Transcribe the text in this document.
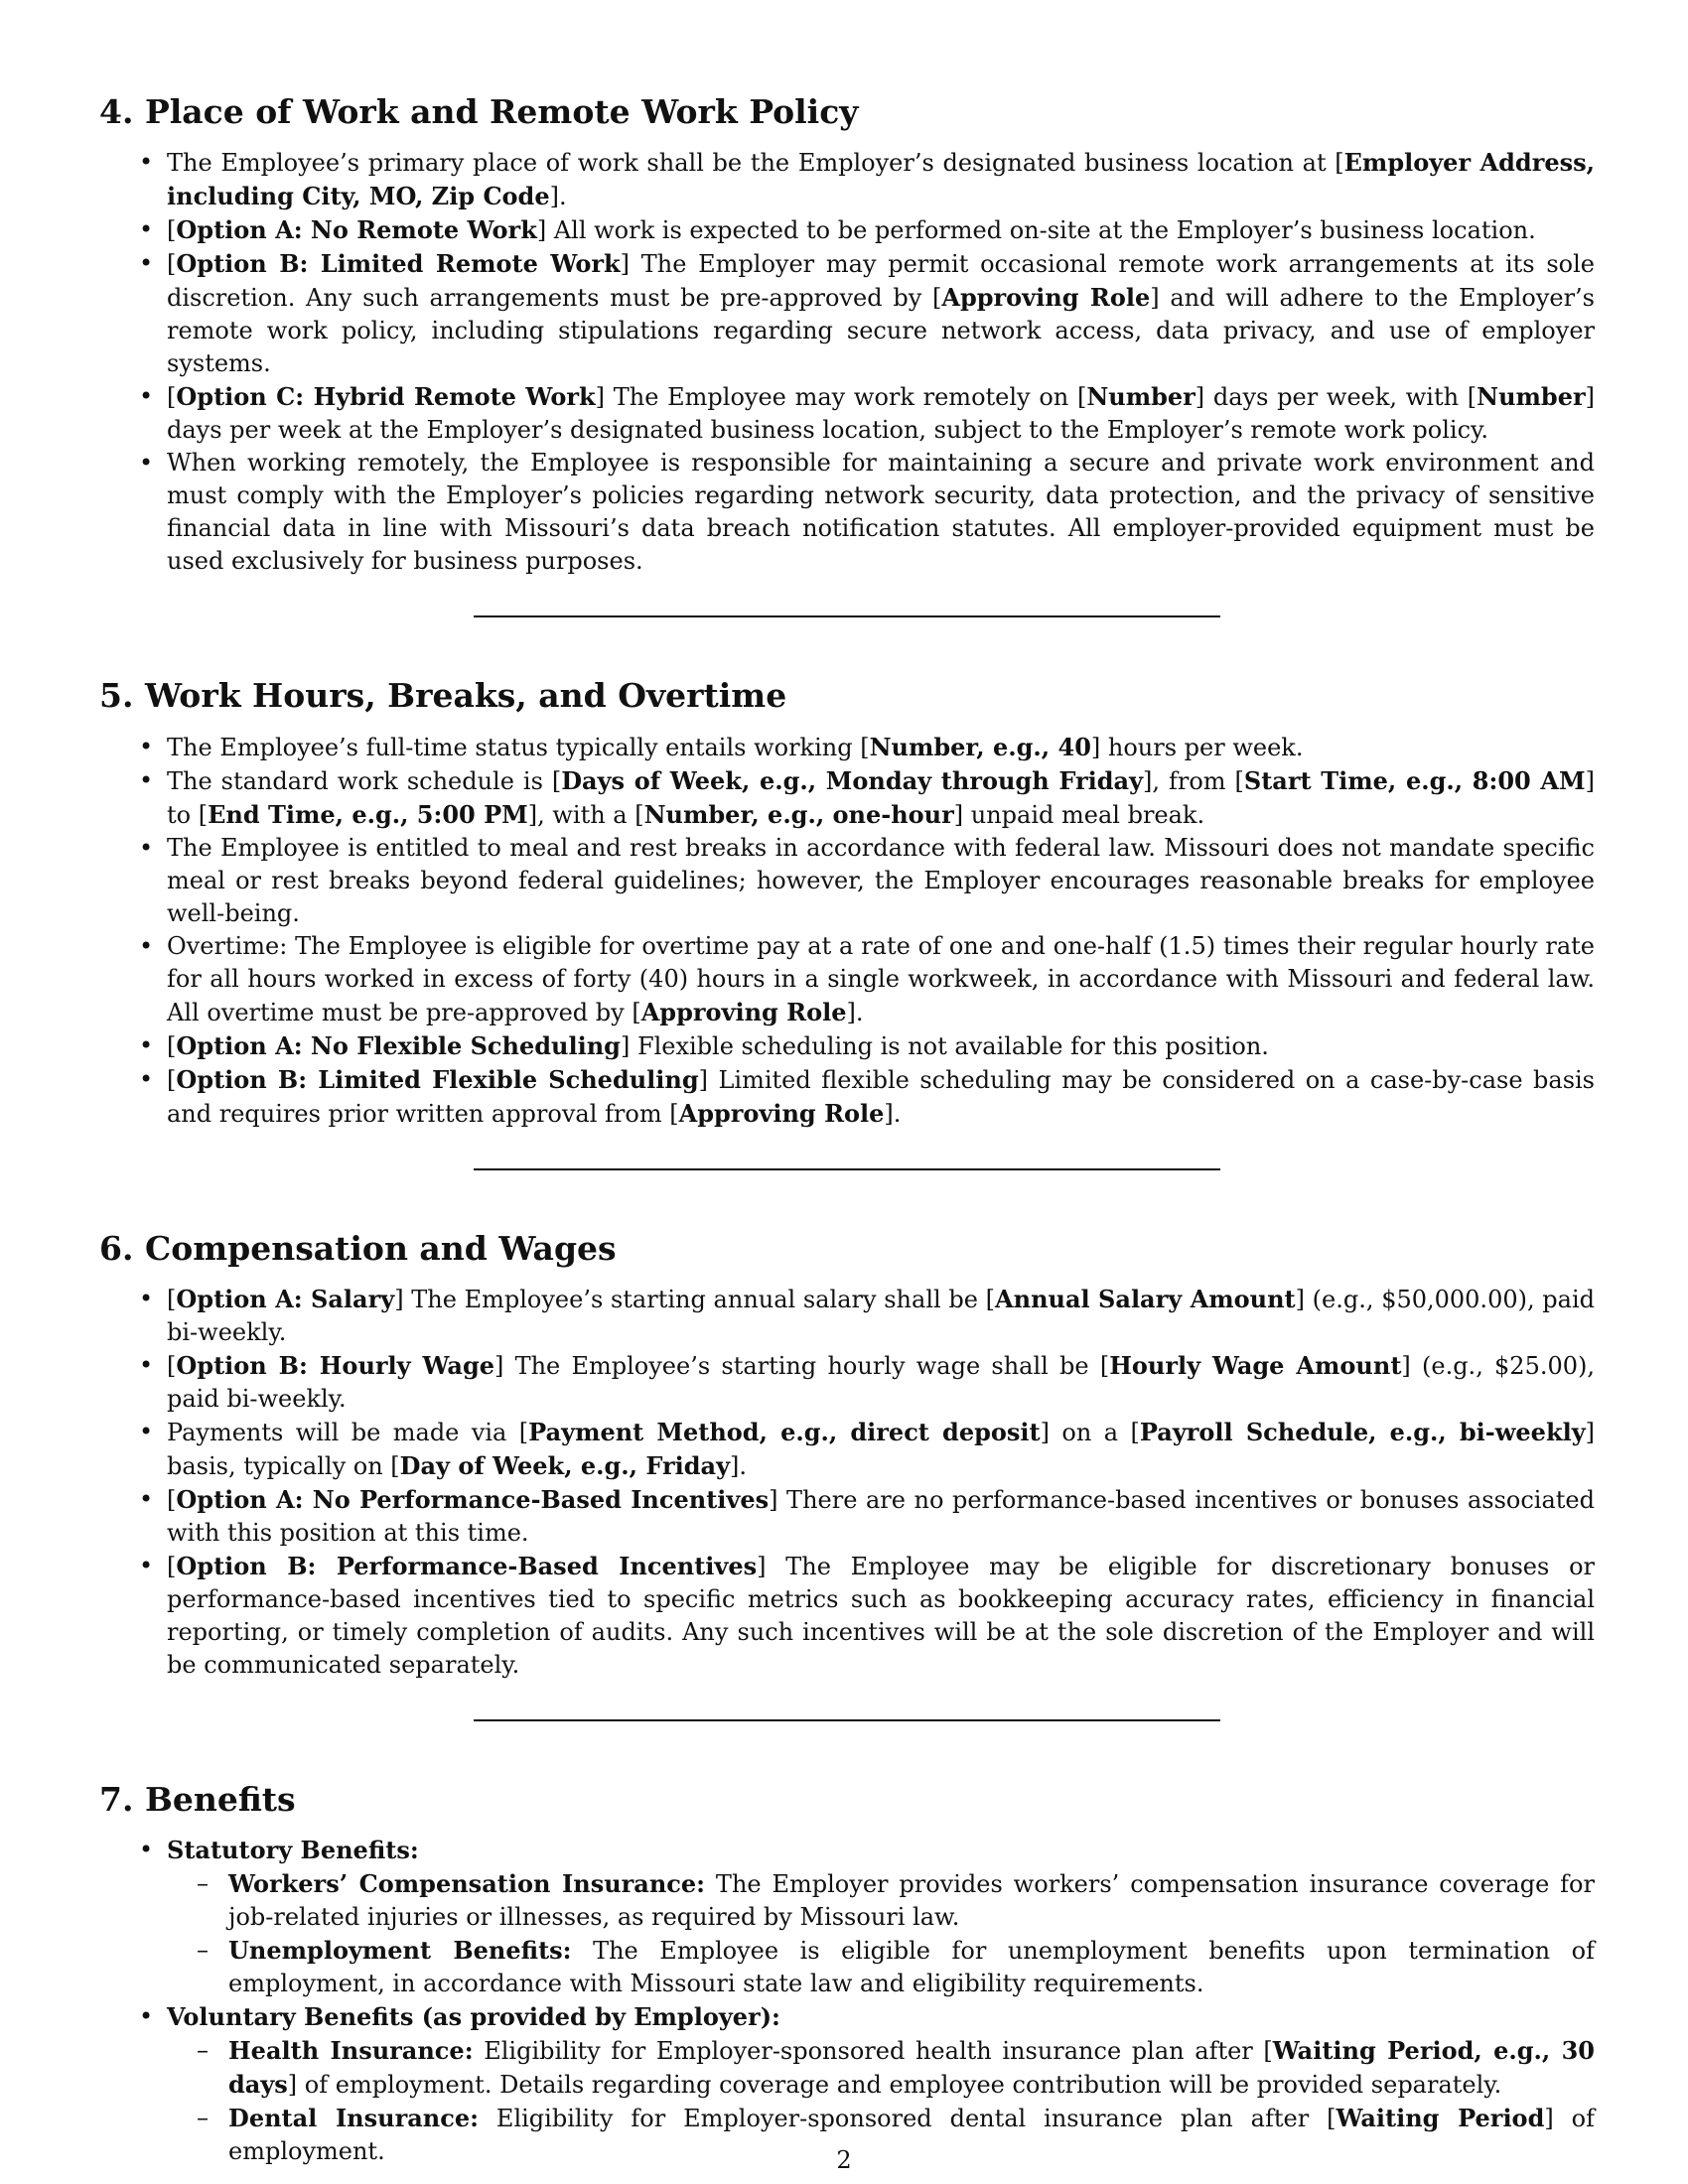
4. Place of Work and Remote Work Policy
• The Employee’s primary place of work shall be the Employer’s designated business location at [Employer Address, including City, MO, Zip Code].
• [Option A: No Remote Work] All work is expected to be performed on-site at the Employer’s business location.
• [Option B: Limited Remote Work] The Employer may permit occasional remote work arrangements at its sole discretion. Any such arrangements must be pre-approved by [Approving Role] and will adhere to the Employer’s remote work policy, including stipulations regarding secure network access, data privacy, and use of employer systems.
• [Option C: Hybrid Remote Work] The Employee may work remotely on [Number] days per week, with [Number] days per week at the Employer’s designated business location, subject to the Employer’s remote work policy.
• When working remotely, the Employee is responsible for maintaining a secure and private work environment and must comply with the Employer’s policies regarding network security, data protection, and the privacy of sensitive financial data in line with Missouri’s data breach notification statutes. All employer-provided equipment must be used exclusively for business purposes.
5. Work Hours, Breaks, and Overtime
• The Employee’s full-time status typically entails working [Number, e.g., 40] hours per week.
• The standard work schedule is [Days of Week, e.g., Monday through Friday], from [Start Time, e.g., 8:00 AM] to [End Time, e.g., 5:00 PM], with a [Number, e.g., one-hour] unpaid meal break.
• The Employee is entitled to meal and rest breaks in accordance with federal law. Missouri does not mandate specific meal or rest breaks beyond federal guidelines; however, the Employer encourages reasonable breaks for employee well-being.
• Overtime: The Employee is eligible for overtime pay at a rate of one and one-half (1.5) times their regular hourly rate for all hours worked in excess of forty (40) hours in a single workweek, in accordance with Missouri and federal law. All overtime must be pre-approved by [Approving Role].
• [Option A: No Flexible Scheduling] Flexible scheduling is not available for this position.
• [Option B: Limited Flexible Scheduling] Limited flexible scheduling may be considered on a case-by-case basis and requires prior written approval from [Approving Role].
6. Compensation and Wages
• [Option A: Salary] The Employee’s starting annual salary shall be [Annual Salary Amount] (e.g., $50,000.00), paid bi-weekly.
• [Option B: Hourly Wage] The Employee’s starting hourly wage shall be [Hourly Wage Amount] (e.g., $25.00), paid bi-weekly.
• Payments will be made via [Payment Method, e.g., direct deposit] on a [Payroll Schedule, e.g., bi-weekly] basis, typically on [Day of Week, e.g., Friday].
• [Option A: No Performance-Based Incentives] There are no performance-based incentives or bonuses associated with this position at this time.
• [Option B: Performance-Based Incentives] The Employee may be eligible for discretionary bonuses or performance-based incentives tied to specific metrics such as bookkeeping accuracy rates, efficiency in financial reporting, or timely completion of audits. Any such incentives will be at the sole discretion of the Employer and will be communicated separately.
7. Benefits
• Statutory Benefits:
– Workers’ Compensation Insurance: The Employer provides workers’ compensation insurance coverage for job-related injuries or illnesses, as required by Missouri law.
– Unemployment Benefits: The Employee is eligible for unemployment benefits upon termination of employment, in accordance with Missouri state law and eligibility requirements.
• Voluntary Benefits (as provided by Employer):
– Health Insurance: Eligibility for Employer-sponsored health insurance plan after [Waiting Period, e.g., 30 days] of employment. Details regarding coverage and employee contribution will be provided separately.
– Dental Insurance: Eligibility for Employer-sponsored dental insurance plan after [Waiting Period] of employment.	2
